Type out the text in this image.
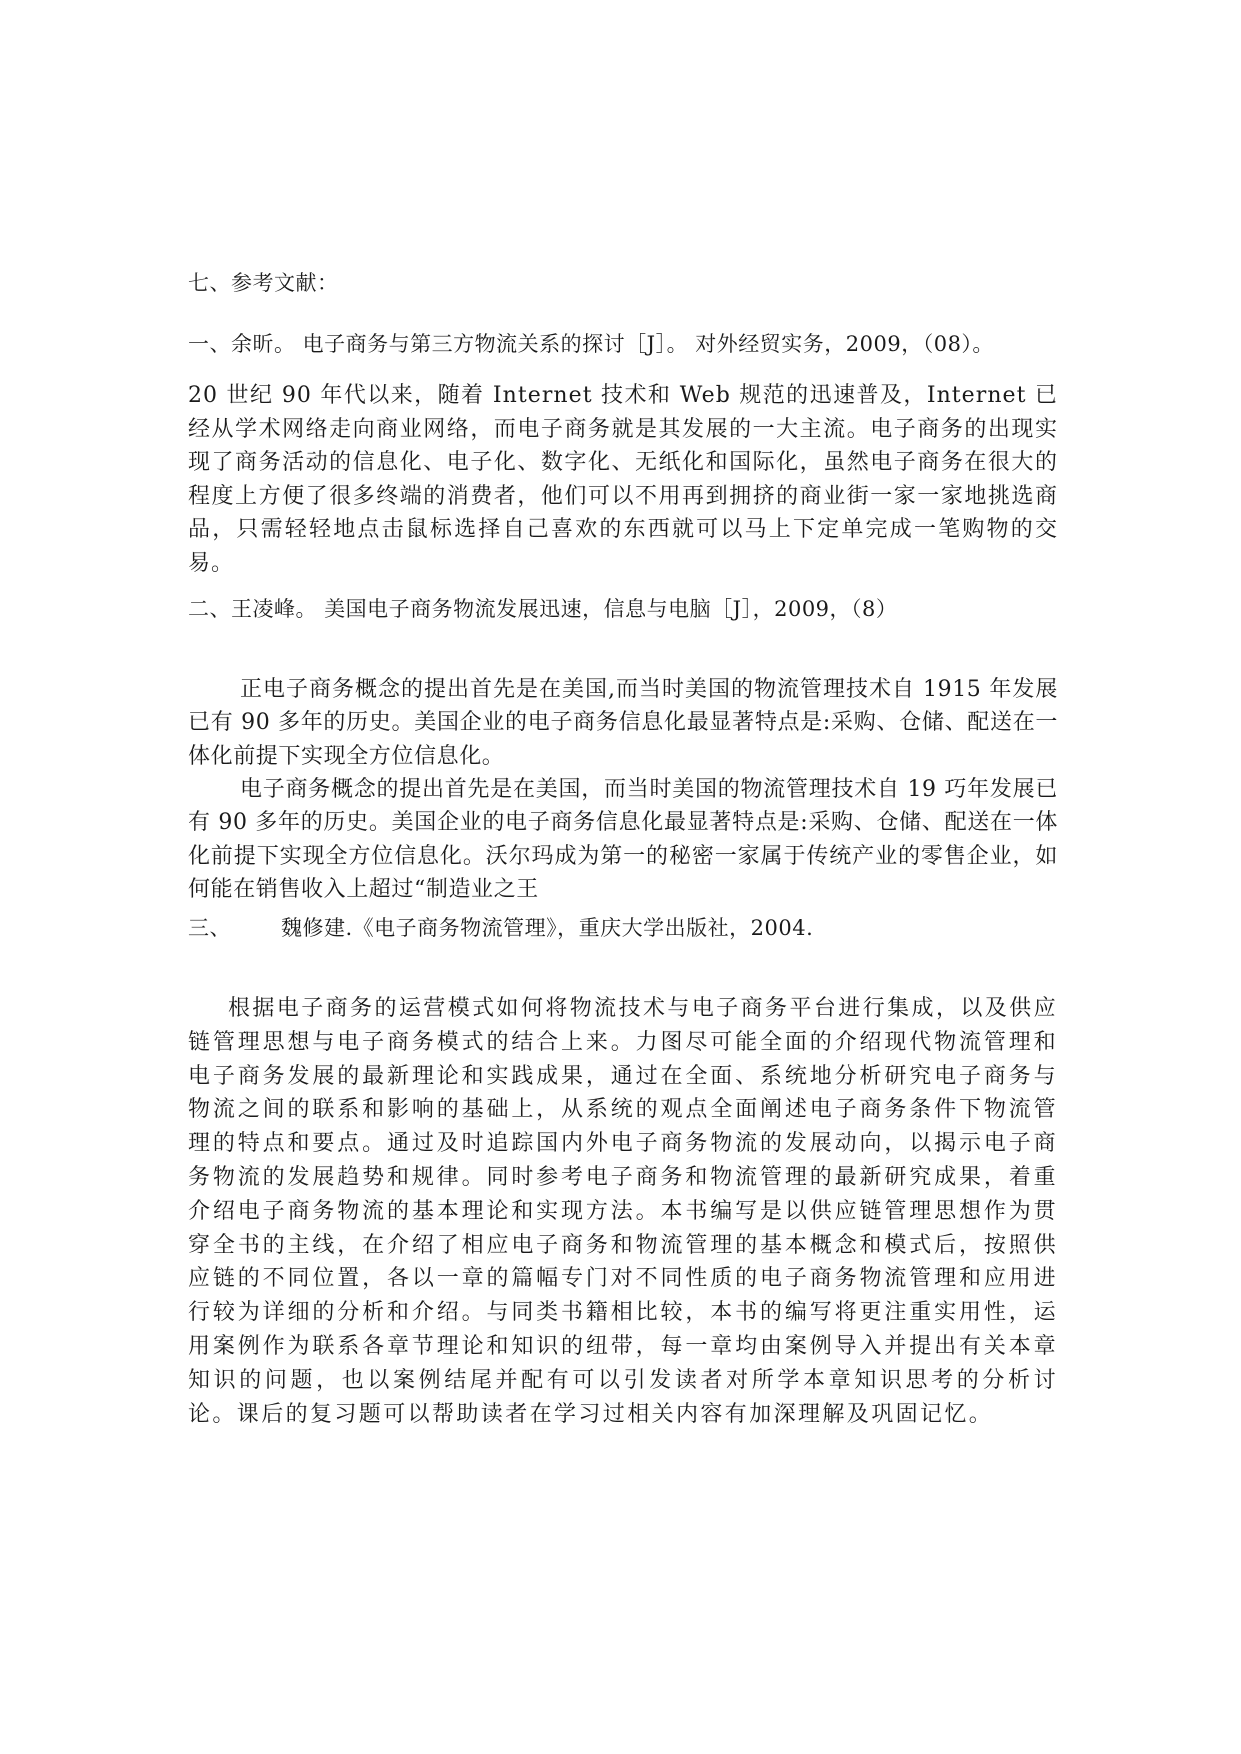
七、参考文献：
一、余昕。 电子商务与第三方物流关系的探讨［J］。 对外经贸实务，2009，（08）。

20 世纪 90 年代以来，随着 Internet 技术和 Web 规范的迅速普及，Internet 已经从学术网络走向商业网络，而电子商务就是其发展的一大主流。电子商务的出现实现了商务活动的信息化、电子化、数字化、无纸化和国际化，虽然电子商务在很大的程度上方便了很多终端的消费者，他们可以不用再到拥挤的商业街一家一家地挑选商品，只需轻轻地点击鼠标选择自己喜欢的东西就可以马上下定单完成一笔购物的交易。

二、王凌峰。 美国电子商务物流发展迅速，信息与电脑［J］，2009，（8）

正电子商务概念的提出首先是在美国,而当时美国的物流管理技术自 1915 年发展已有 90 多年的历史。美国企业的电子商务信息化最显著特点是:采购、仓储、配送在一体化前提下实现全方位信息化。

电子商务概念的提出首先是在美国，而当时美国的物流管理技术自 19 巧年发展已有 90 多年的历史。美国企业的电子商务信息化最显著特点是:采购、仓储、配送在一体化前提下实现全方位信息化。沃尔玛成为第一的秘密一家属于传统产业的零售企业，如何能在销售收入上超过“制造业之王

三、 魏修建.《电子商务物流管理》，重庆大学出版社，2004.

根据电子商务的运营模式如何将物流技术与电子商务平台进行集成，以及供应链管理思想与电子商务模式的结合上来。力图尽可能全面的介绍现代物流管理和电子商务发展的最新理论和实践成果，通过在全面、系统地分析研究电子商务与物流之间的联系和影响的基础上，从系统的观点全面阐述电子商务条件下物流管理的特点和要点。通过及时追踪国内外电子商务物流的发展动向，以揭示电子商务物流的发展趋势和规律。同时参考电子商务和物流管理的最新研究成果，着重介绍电子商务物流的基本理论和实现方法。本书编写是以供应链管理思想作为贯穿全书的主线，在介绍了相应电子商务和物流管理的基本概念和模式后，按照供应链的不同位置，各以一章的篇幅专门对不同性质的电子商务物流管理和应用进行较为详细的分析和介绍。与同类书籍相比较，本书的编写将更注重实用性，运用案例作为联系各章节理论和知识的纽带，每一章均由案例导入并提出有关本章知识的问题，也以案例结尾并配有可以引发读者对所学本章知识思考的分析讨论。课后的复习题可以帮助读者在学习过相关内容有加深理解及巩固记忆。
